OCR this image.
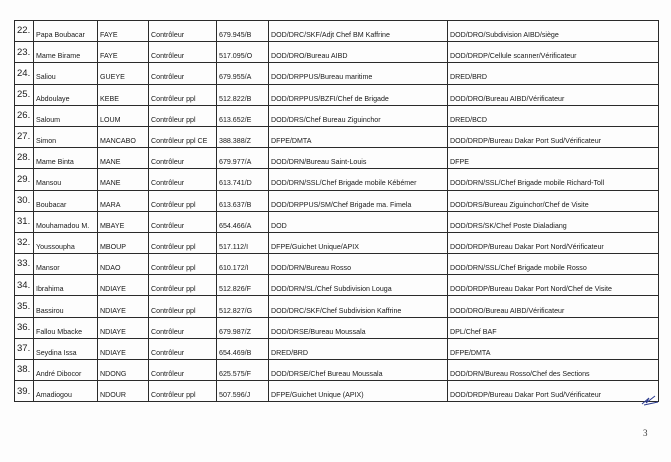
22.	Papa Boubacar	FAYE	Contrôleur	679.945/B	DOD/DRC/SKF/Adjt Chef BM Kaffrine	DOD/DRO/Subdivision AIBD/siège
23.	Mame Birame	FAYE	Contrôleur	517.095/O	DOD/DRO/Bureau AIBD	DOD/DRDP/Cellule scanner/Vérificateur
24.	Saliou	GUEYE	Contrôleur	679.955/A	DOD/DRPPUS/Bureau maritime	DRED/BRD
25.	Abdoulaye	KEBE	Contrôleur ppl	512.822/B	DOD/DRPPUS/BZFI/Chef de Brigade	DOD/DRO/Bureau AIBD/Vérificateur
26.	Saloum	LOUM	Contrôleur ppl	613.652/E	DOD/DRS/Chef Bureau Ziguinchor	DRED/BCD
27.	Simon	MANCABO	Contrôleur ppl CE	388.388/Z	DFPE/DMTA	DOD/DRDP/Bureau Dakar Port Sud/Vérificateur
28.	Mame Binta	MANE	Contrôleur	679.977/A	DOD/DRN/Bureau Saint-Louis	DFPE
29.	Mansou	MANE	Contrôleur	613.741/D	DOD/DRN/SSL/Chef Brigade mobile Kébémer	DOD/DRN/SSL/Chef Brigade mobile Richard-Toll
30.	Boubacar	MARA	Contrôleur ppl	613.637/B	DOD/DRPPUS/SM/Chef Brigade ma. Fimela	DOD/DRS/Bureau Ziguinchor/Chef de Visite
31.	Mouhamadou M.	MBAYE	Contrôleur	654.466/A	DOD	DOD/DRS/SK/Chef Poste Dialadiang
32.	Youssoupha	MBOUP	Contrôleur ppl	517.112/I	DFPE/Guichet Unique/APIX	DOD/DRDP/Bureau Dakar Port Nord/Vérificateur
33.	Mansor	NDAO	Contrôleur ppl	610.172/I	DOD/DRN/Bureau Rosso	DOD/DRN/SSL/Chef Brigade mobile Rosso
34.	Ibrahima	NDIAYE	Contrôleur ppl	512.826/F	DOD/DRN/SL/Chef Subdivision Louga	DOD/DRDP/Bureau Dakar Port Nord/Chef de Visite
35.	Bassirou	NDIAYE	Contrôleur ppl	512.827/G	DOD/DRC/SKF/Chef Subdivision Kaffrine	DOD/DRO/Bureau AIBD/Vérificateur
36.	Fallou Mbacke	NDIAYE	Contrôleur	679.987/Z	DOD/DRSE/Bureau Moussala	DPL/Chef BAF
37.	Seydina Issa	NDIAYE	Contrôleur	654.469/B	DRED/BRD	DFPE/DMTA
38.	André Dibocor	NDONG	Contrôleur	625.575/F	DOD/DRSE/Chef Bureau Moussala	DOD/DRN/Bureau Rosso/Chef des Sections
39.	Amadiogou	NDOUR	Contrôleur ppl	507.596/J	DFPE/Guichet Unique (APIX)	DOD/DRDP/Bureau Dakar Port Sud/Vérificateur
3
